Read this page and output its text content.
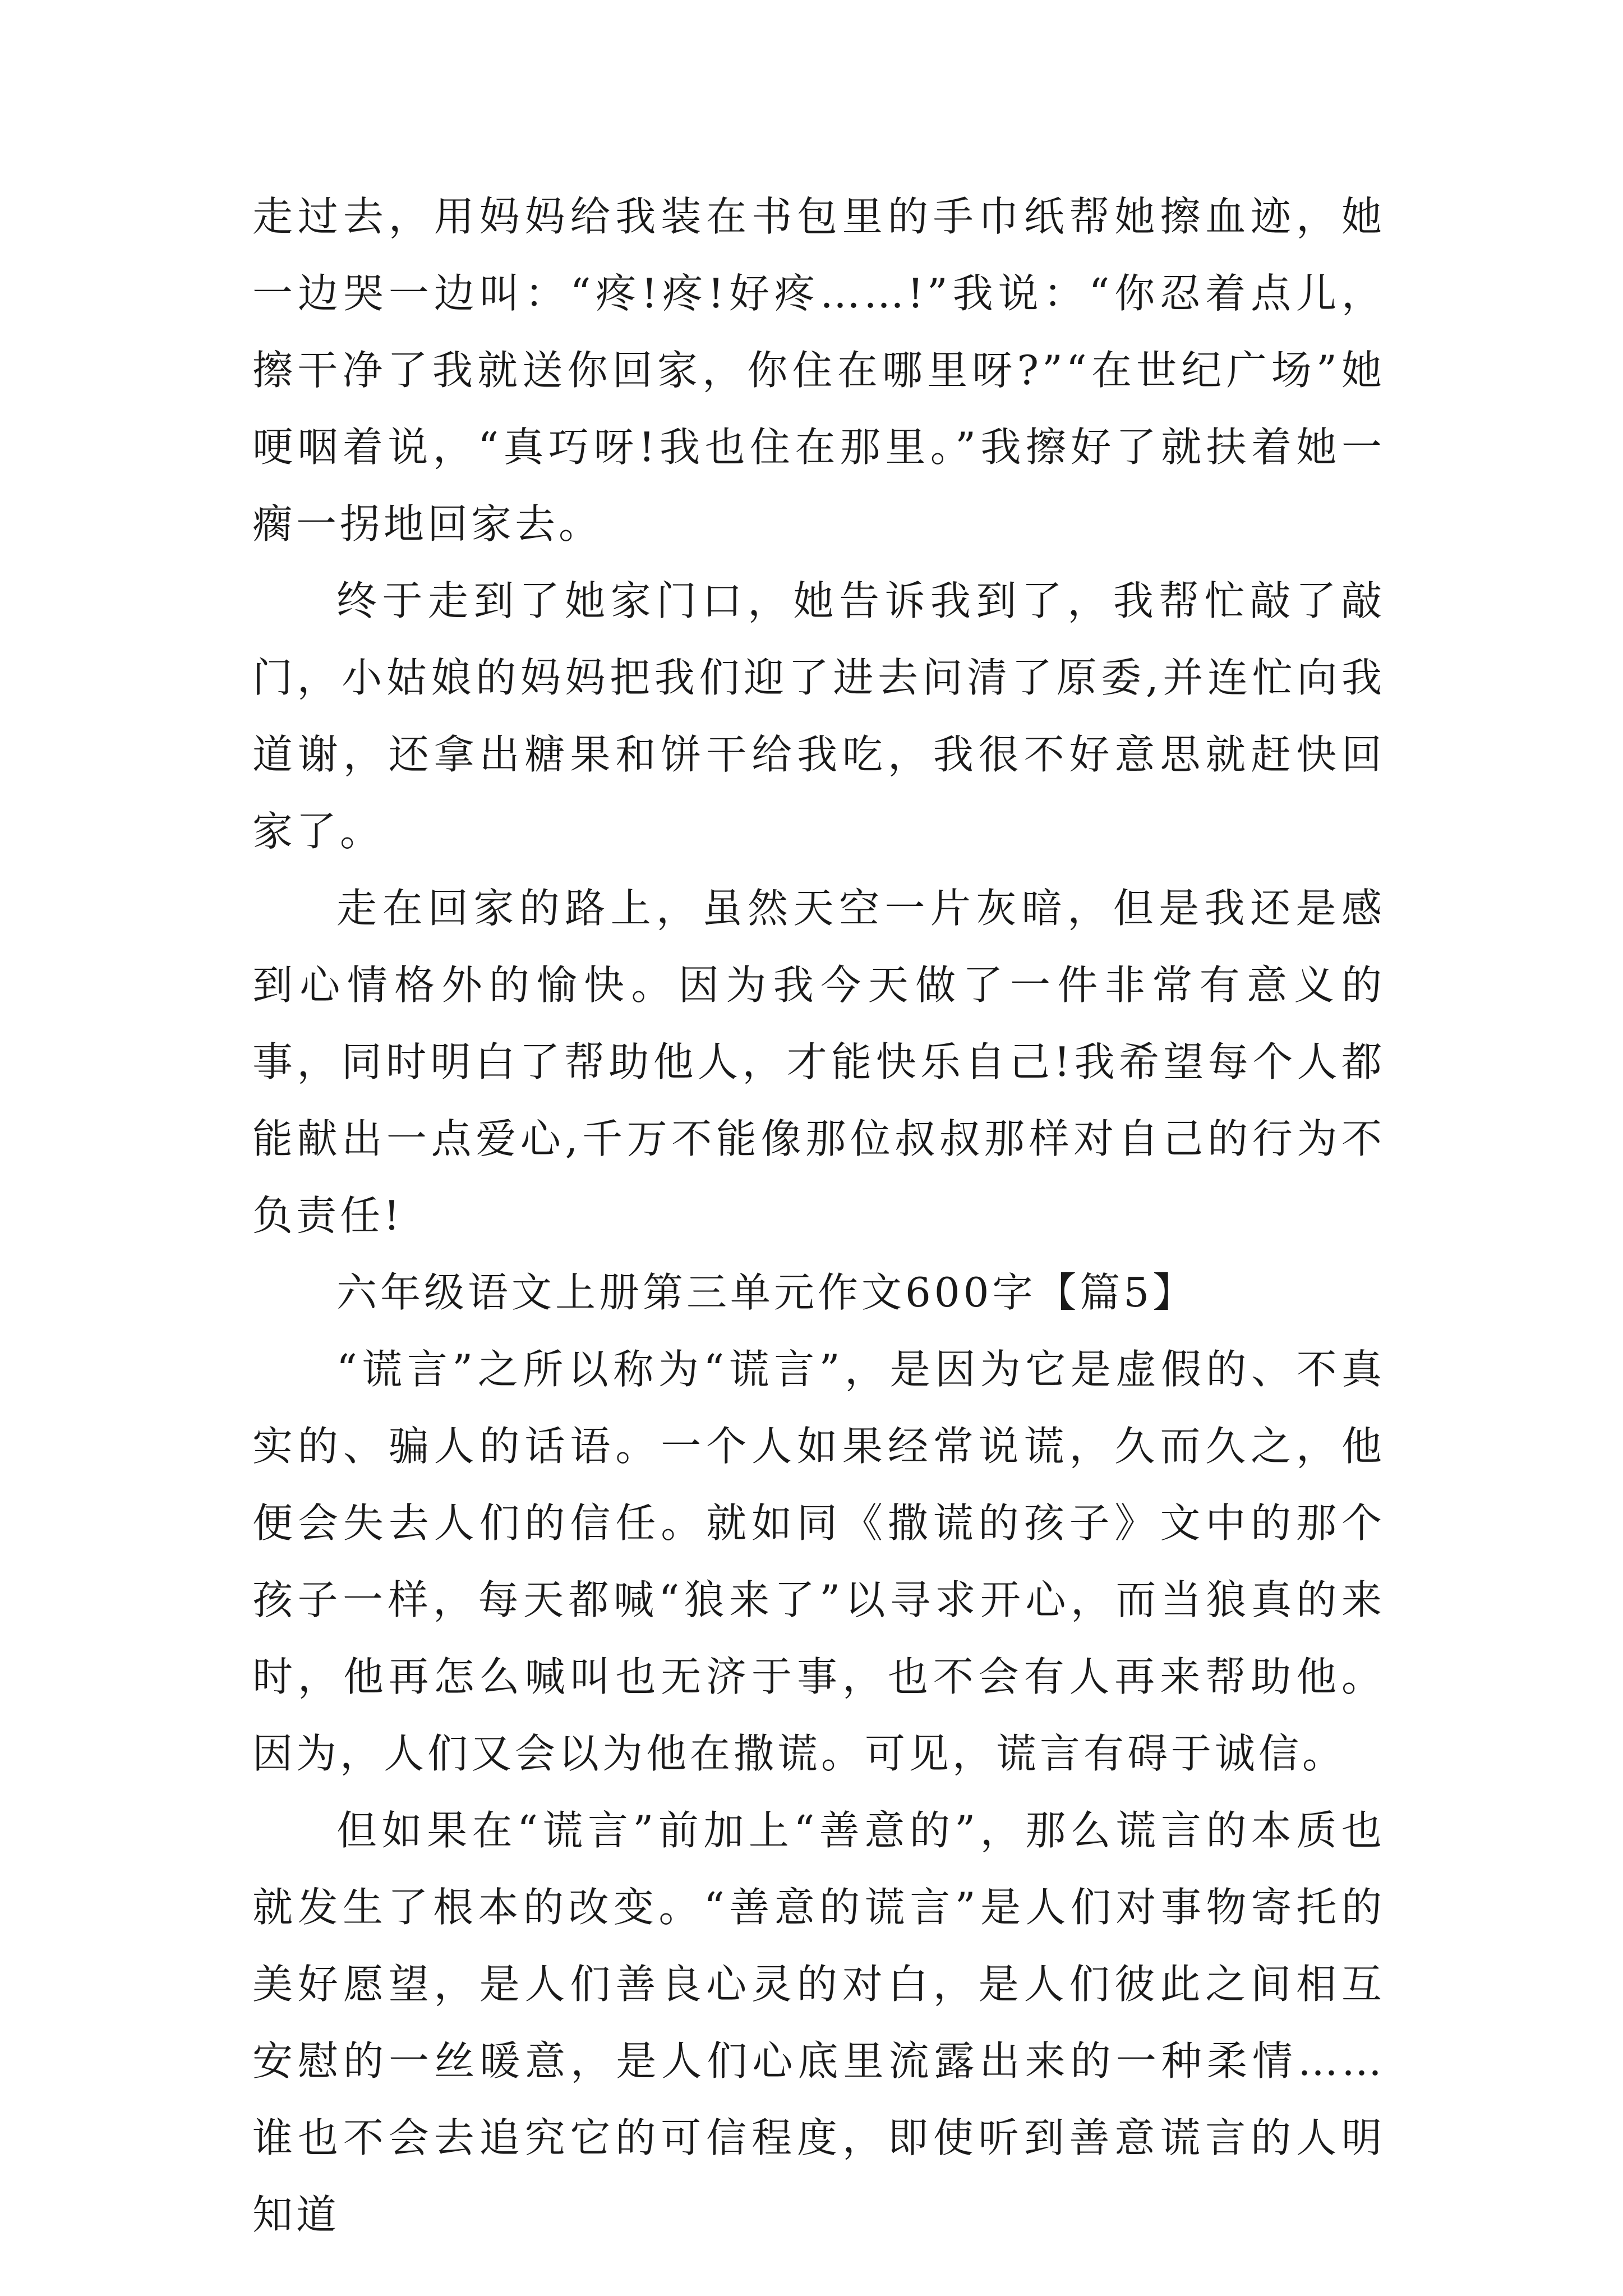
走过去，用妈妈给我装在书包里的手巾纸帮她擦血迹，她一边哭一边叫：“疼!疼!好疼……!”我说：“你忍着点儿，擦干净了我就送你回家，你住在哪里呀?”“在世纪广场”她哽咽着说，“真巧呀!我也住在那里。”我擦好了就扶着她一瘸一拐地回家去。

终于走到了她家门口，她告诉我到了，我帮忙敲了敲门，小姑娘的妈妈把我们迎了进去问清了原委,并连忙向我道谢，还拿出糖果和饼干给我吃，我很不好意思就赶快回家了。

走在回家的路上，虽然天空一片灰暗，但是我还是感到心情格外的愉快。因为我今天做了一件非常有意义的事，同时明白了帮助他人，才能快乐自己!我希望每个人都能献出一点爱心,千万不能像那位叔叔那样对自己的行为不负责任!

六年级语文上册第三单元作文600字【篇5】

“谎言”之所以称为“谎言”，是因为它是虚假的、不真实的、骗人的话语。一个人如果经常说谎，久而久之，他便会失去人们的信任。就如同《撒谎的孩子》文中的那个孩子一样，每天都喊“狼来了”以寻求开心，而当狼真的来时，他再怎么喊叫也无济于事，也不会有人再来帮助他。因为，人们又会以为他在撒谎。可见，谎言有碍于诚信。

但如果在“谎言”前加上“善意的”，那么谎言的本质也就发生了根本的改变。“善意的谎言”是人们对事物寄托的美好愿望，是人们善良心灵的对白，是人们彼此之间相互安慰的一丝暖意，是人们心底里流露出来的一种柔情……谁也不会去追究它的可信程度，即使听到善意谎言的人明知道
